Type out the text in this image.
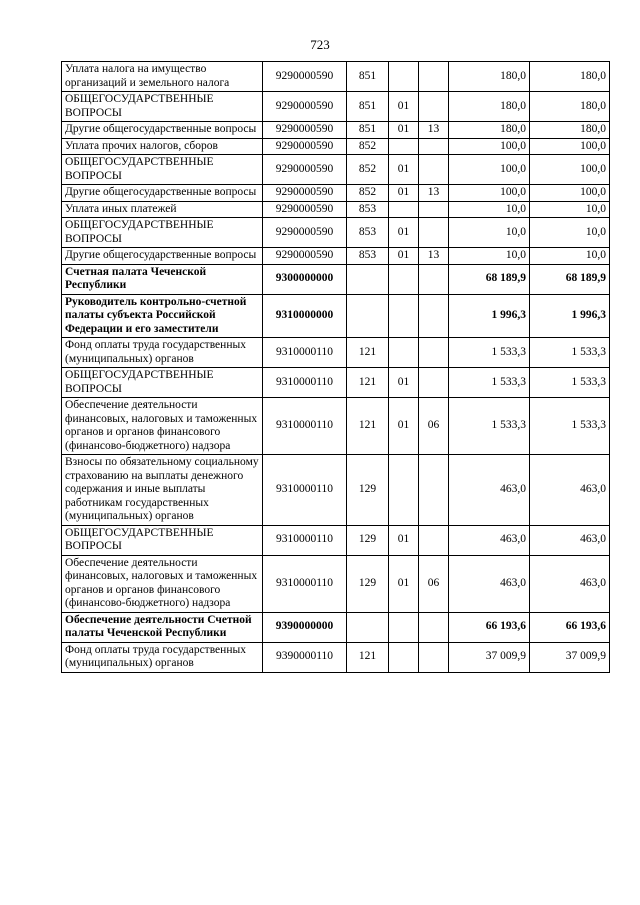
723
Уплата налога на имущество организаций и земельного налога	9290000590	851			180,0	180,0
ОБЩЕГОСУДАРСТВЕННЫЕ ВОПРОСЫ	9290000590	851	01		180,0	180,0
Другие общегосударственные вопросы	9290000590	851	01	13	180,0	180,0
Уплата прочих налогов, сборов	9290000590	852			100,0	100,0
ОБЩЕГОСУДАРСТВЕННЫЕ ВОПРОСЫ	9290000590	852	01		100,0	100,0
Другие общегосударственные вопросы	9290000590	852	01	13	100,0	100,0
Уплата иных платежей	9290000590	853			10,0	10,0
ОБЩЕГОСУДАРСТВЕННЫЕ ВОПРОСЫ	9290000590	853	01		10,0	10,0
Другие общегосударственные вопросы	9290000590	853	01	13	10,0	10,0
Счетная палата Чеченской Республики	9300000000				68 189,9	68 189,9
Руководитель контрольно-счетной палаты субъекта Российской Федерации и его заместители	9310000000				1 996,3	1 996,3
Фонд оплаты труда государственных (муниципальных) органов	9310000110	121			1 533,3	1 533,3
ОБЩЕГОСУДАРСТВЕННЫЕ ВОПРОСЫ	9310000110	121	01		1 533,3	1 533,3
Обеспечение деятельности финансовых, налоговых и таможенных органов и органов финансового (финансово-бюджетного) надзора	9310000110	121	01	06	1 533,3	1 533,3
Взносы по обязательному социальному страхованию на выплаты денежного содержания и иные выплаты работникам государственных (муниципальных) органов	9310000110	129			463,0	463,0
ОБЩЕГОСУДАРСТВЕННЫЕ ВОПРОСЫ	9310000110	129	01		463,0	463,0
Обеспечение деятельности финансовых, налоговых и таможенных органов и органов финансового (финансово-бюджетного) надзора	9310000110	129	01	06	463,0	463,0
Обеспечение деятельности Счетной палаты Чеченской Республики	9390000000				66 193,6	66 193,6
Фонд оплаты труда государственных (муниципальных) органов	9390000110	121			37 009,9	37 009,9
